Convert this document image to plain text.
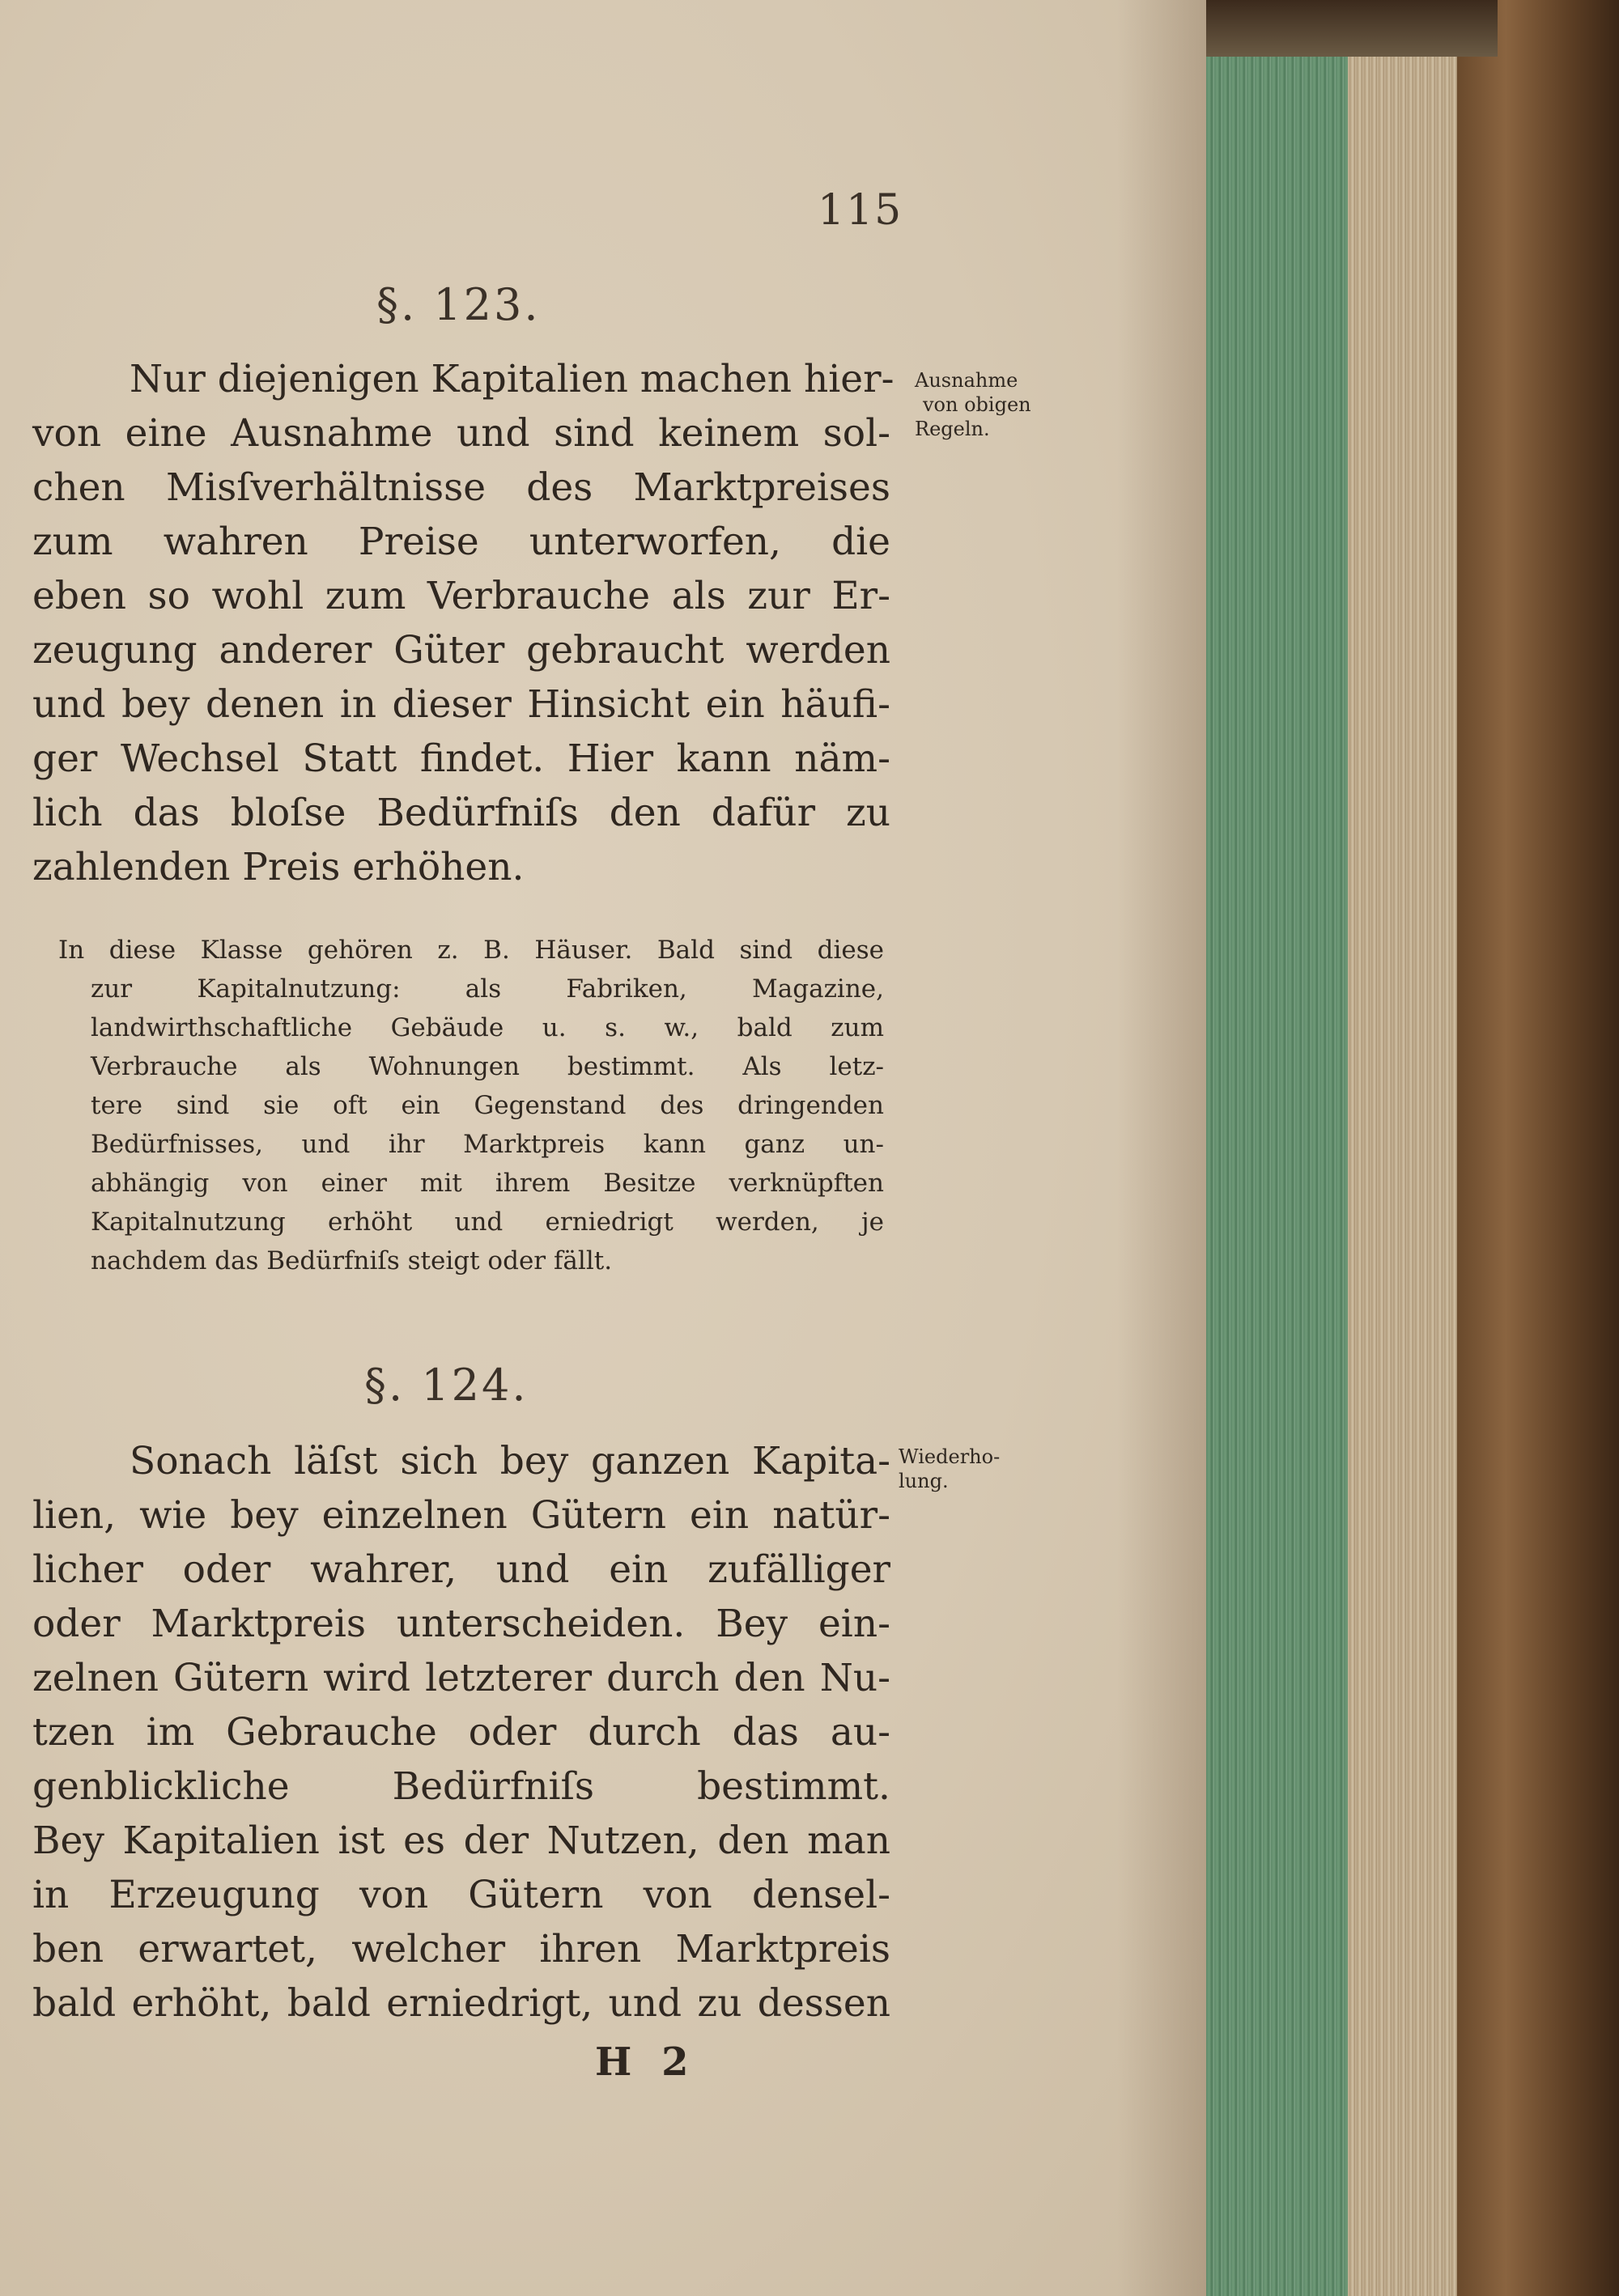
115
§. 123.
Ausnahme
von obigen
Regeln.
Nur diejenigen Kapitalien machen hier-
von eine Ausnahme und sind keinem sol-
chen Misſverhältnisse des Marktpreises
zum wahren Preise unterworfen, die
eben so wohl zum Verbrauche als zur Er-
zeugung anderer Güter gebraucht werden
und bey denen in dieser Hinsicht ein häufi-
ger Wechsel Statt findet. Hier kann näm-
lich das bloſse Bedürfniſs den dafür zu
zahlenden Preis erhöhen.
In diese Klasse gehören z. B. Häuser. Bald sind diese
zur Kapitalnutzung: als Fabriken, Magazine,
landwirthschaftliche Gebäude u. s. w., bald zum
Verbrauche als Wohnungen bestimmt. Als letz-
tere sind sie oft ein Gegenstand des dringenden
Bedürfnisses, und ihr Marktpreis kann ganz un-
abhängig von einer mit ihrem Besitze verknüpften
Kapitalnutzung erhöht und erniedrigt werden, je
nachdem das Bedürfniſs steigt oder fällt.
§. 124.
Wiederho-
lung.
Sonach läſst sich bey ganzen Kapita-
lien, wie bey einzelnen Gütern ein natür-
licher oder wahrer, und ein zufälliger
oder Marktpreis unterscheiden. Bey ein-
zelnen Gütern wird letzterer durch den Nu-
tzen im Gebrauche oder durch das au-
genblickliche Bedürfniſs bestimmt.
Bey Kapitalien ist es der Nutzen, den man
in Erzeugung von Gütern von densel-
ben erwartet, welcher ihren Marktpreis
bald erhöht, bald erniedrigt, und zu dessen
H 2
